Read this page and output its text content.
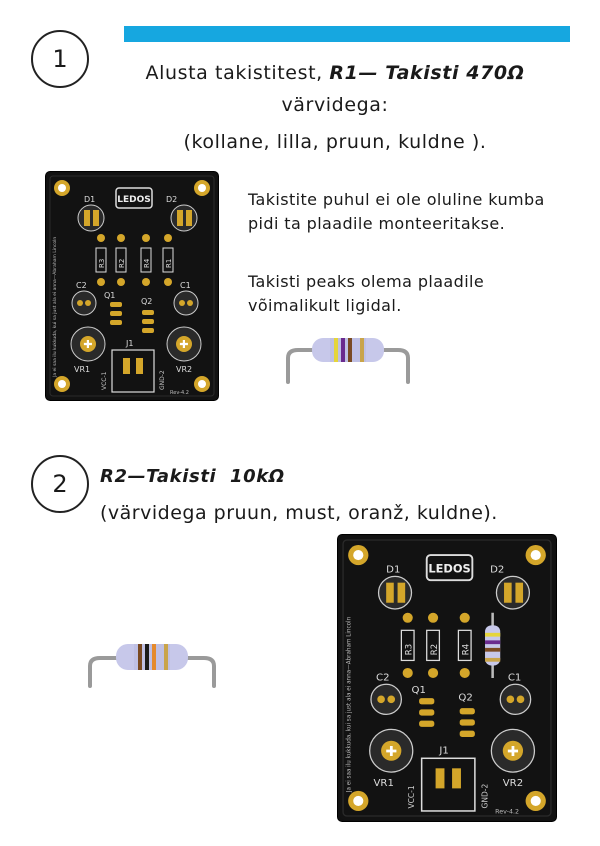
1	Alusta takistitest, R1— Takisti 470Ω
värvidega:
(kollane, lilla, pruun, kuldne ).
LEDOS
D1	D2
R3 R2 R4 R1
C2	C1
Q1
Q2
✚	✚
VR1	VR2
J1
VCC-1	GND-2
Rev-4.2
Ja ei saa ilu kukkuda, kui sa just ala ei anna—Abraham Lincoln
Takistite puhul ei ole oluline kumba pidi ta plaadile monteeritakse.
Takisti peaks olema plaadile võimalikult ligidal.
2 R2—Takisti  10kΩ
(värvidega pruun, must, oranž, kuldne).
LEDOS
D1	D2
R3 R2	R4
C2	C1
Q1
Q2
✚	✚
VR1	VR2
J1
VCC-1	GND-2
Rev-4.2
Ja ei saa ilu kukkuda, kui sa just ala ei anna—Abraham Lincoln
